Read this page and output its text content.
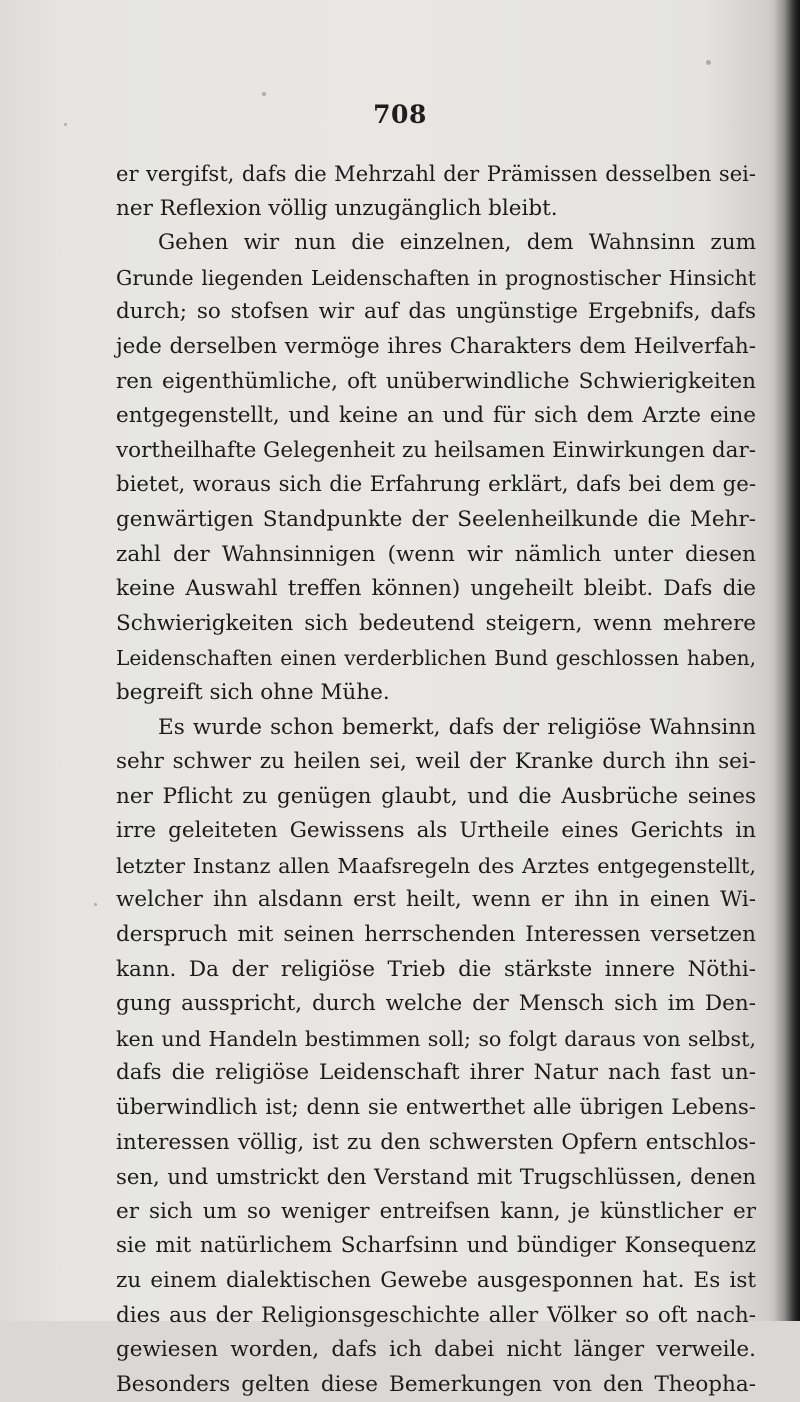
708
er vergifst, dafs die Mehrzahl der Prämissen desselben sei-
ner Reflexion völlig unzugänglich bleibt.
Gehen wir nun die einzelnen, dem Wahnsinn zum
Grunde liegenden Leidenschaften in prognostischer Hinsicht
durch; so stofsen wir auf das ungünstige Ergebnifs, dafs
jede derselben vermöge ihres Charakters dem Heilverfah-
ren eigenthümliche, oft unüberwindliche Schwierigkeiten
entgegenstellt, und keine an und für sich dem Arzte eine
vortheilhafte Gelegenheit zu heilsamen Einwirkungen dar-
bietet, woraus sich die Erfahrung erklärt, dafs bei dem ge-
genwärtigen Standpunkte der Seelenheilkunde die Mehr-
zahl der Wahnsinnigen (wenn wir nämlich unter diesen
keine Auswahl treffen können) ungeheilt bleibt. Dafs die
Schwierigkeiten sich bedeutend steigern, wenn mehrere
Leidenschaften einen verderblichen Bund geschlossen haben,
begreift sich ohne Mühe.
Es wurde schon bemerkt, dafs der religiöse Wahnsinn
sehr schwer zu heilen sei, weil der Kranke durch ihn sei-
ner Pflicht zu genügen glaubt, und die Ausbrüche seines
irre geleiteten Gewissens als Urtheile eines Gerichts in
letzter Instanz allen Maafsregeln des Arztes entgegenstellt,
welcher ihn alsdann erst heilt, wenn er ihn in einen Wi-
derspruch mit seinen herrschenden Interessen versetzen
kann. Da der religiöse Trieb die stärkste innere Nöthi-
gung ausspricht, durch welche der Mensch sich im Den-
ken und Handeln bestimmen soll; so folgt daraus von selbst,
dafs die religiöse Leidenschaft ihrer Natur nach fast un-
überwindlich ist; denn sie entwerthet alle übrigen Lebens-
interessen völlig, ist zu den schwersten Opfern entschlos-
sen, und umstrickt den Verstand mit Trugschlüssen, denen
er sich um so weniger entreifsen kann, je künstlicher er
sie mit natürlichem Scharfsinn und bündiger Konsequenz
zu einem dialektischen Gewebe ausgesponnen hat. Es ist
dies aus der Religionsgeschichte aller Völker so oft nach-
gewiesen worden, dafs ich dabei nicht länger verweile.
Besonders gelten diese Bemerkungen von den Theopha-
